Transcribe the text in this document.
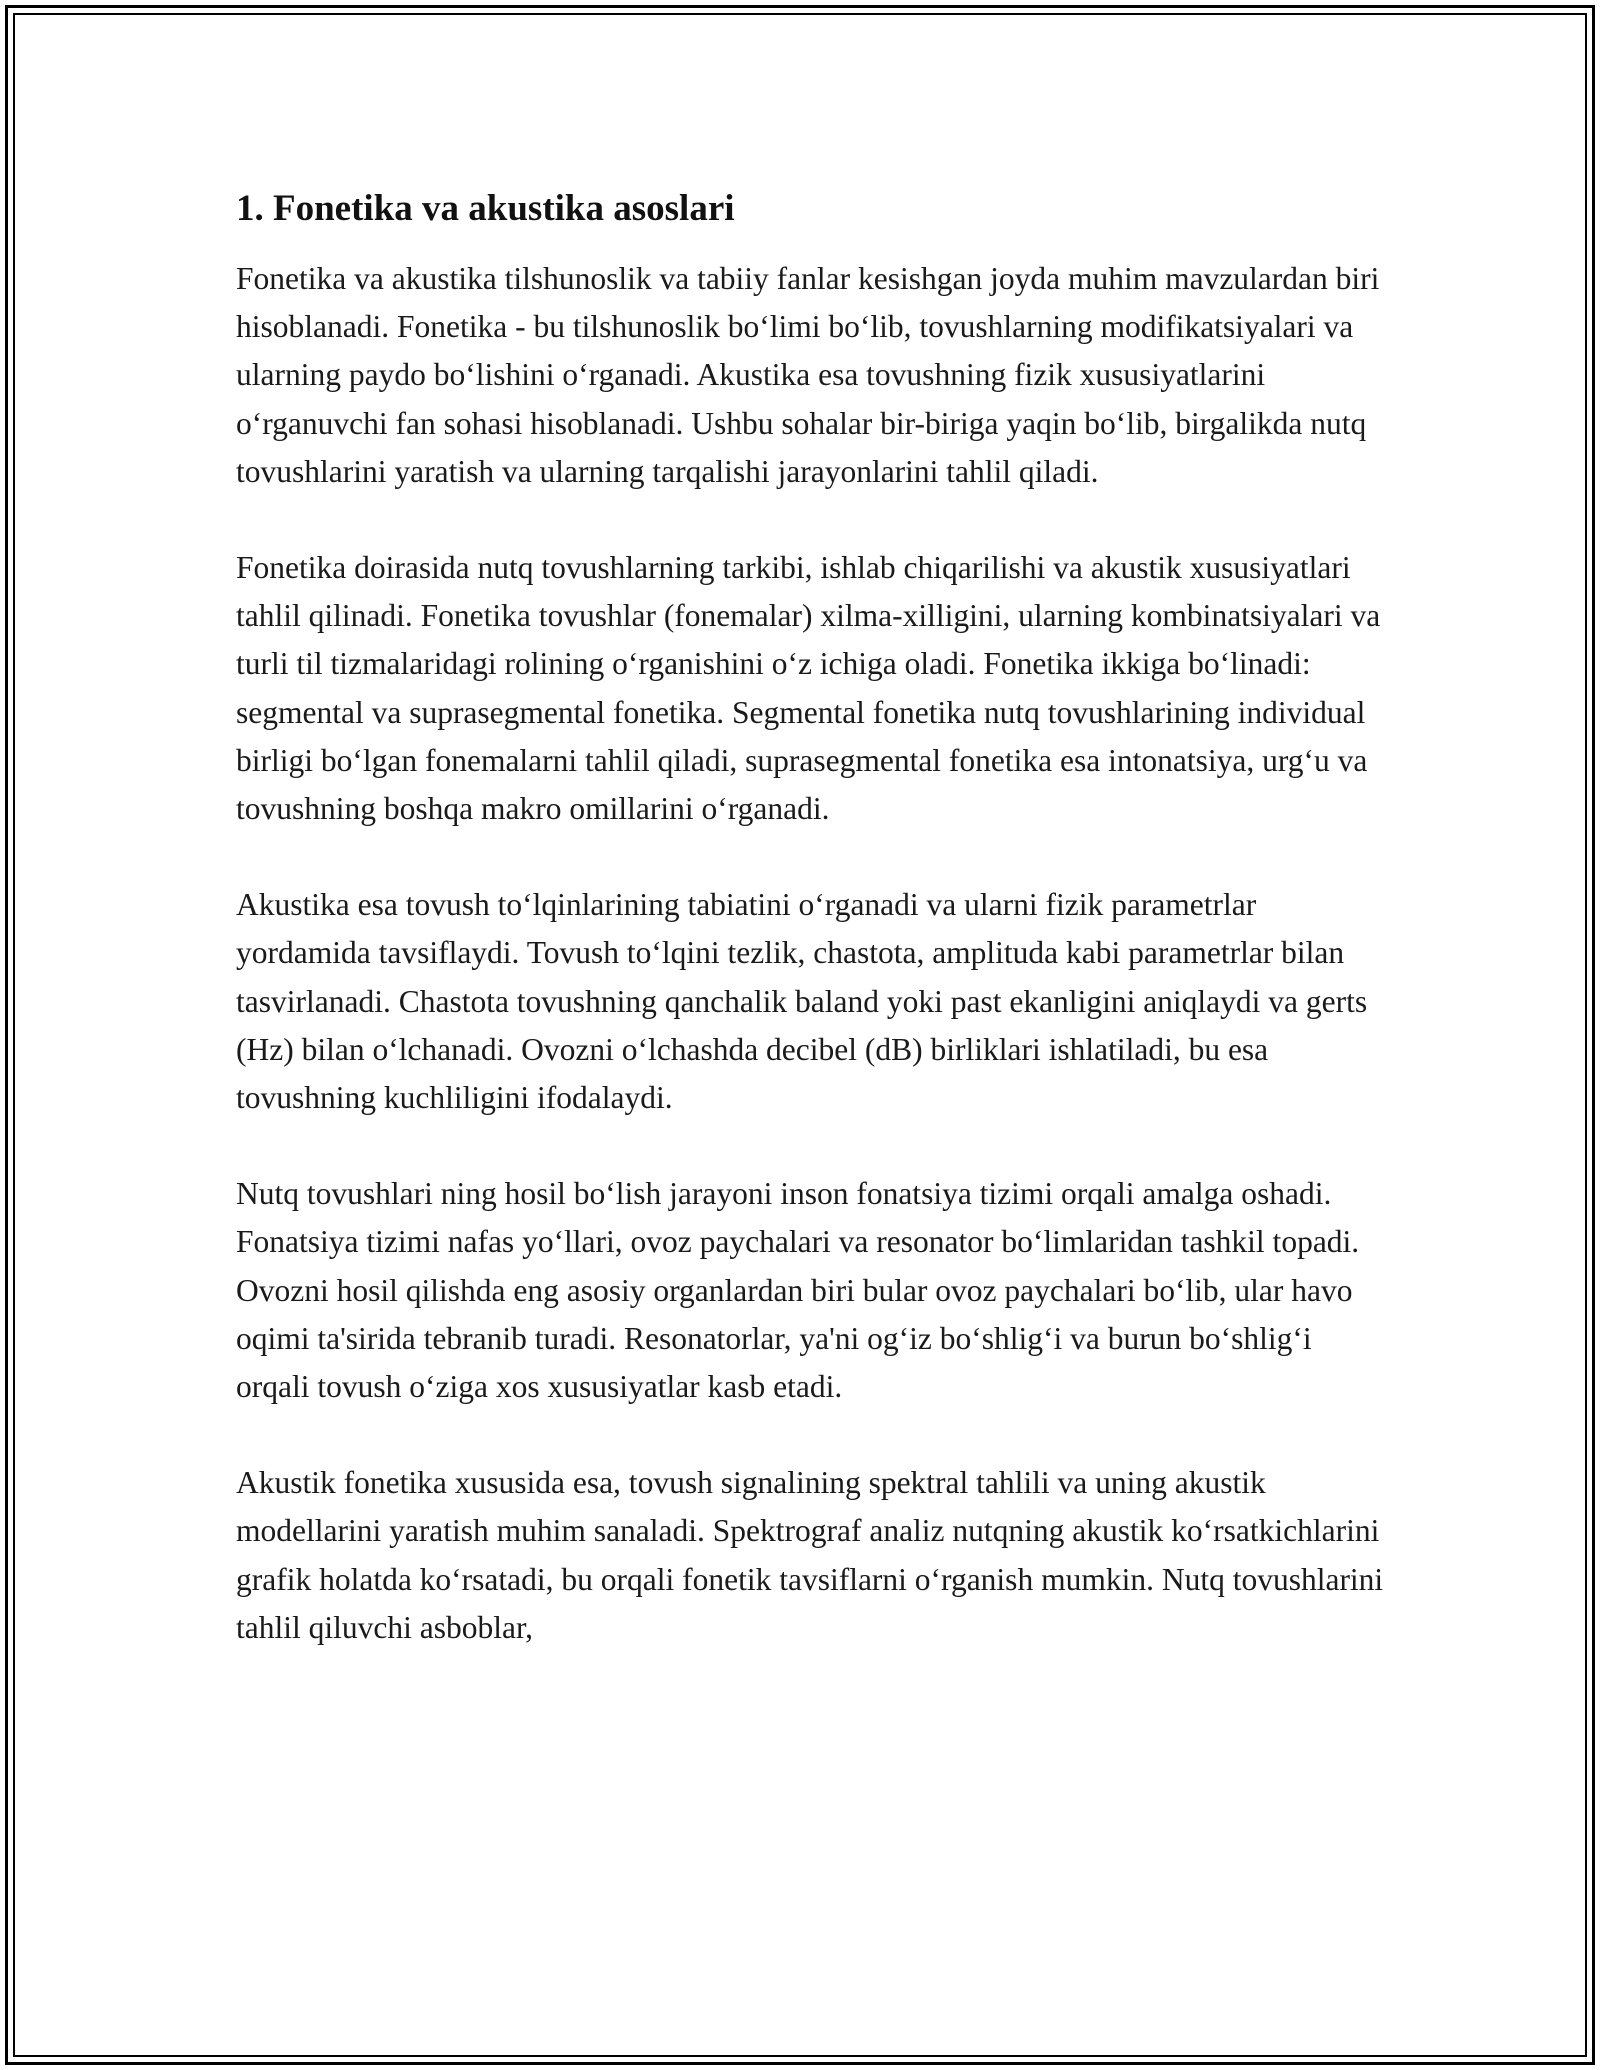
1. Fonetika va akustika asoslari

Fonetika va akustika tilshunoslik va tabiiy fanlar kesishgan joyda muhim mavzulardan biri hisoblanadi. Fonetika - bu tilshunoslik boʻlimi boʻlib, tovushlarning modifikatsiyalari va ularning paydo boʻlishini oʻrganadi. Akustika esa tovushning fizik xususiyatlarini oʻrganuvchi fan sohasi hisoblanadi. Ushbu sohalar bir-biriga yaqin boʻlib, birgalikda nutq tovushlarini yaratish va ularning tarqalishi jarayonlarini tahlil qiladi.

Fonetika doirasida nutq tovushlarning tarkibi, ishlab chiqarilishi va akustik xususiyatlari tahlil qilinadi. Fonetika tovushlar (fonemalar) xilma-xilligini, ularning kombinatsiyalari va turli til tizmalaridagi rolining oʻrganishini oʻz ichiga oladi. Fonetika ikkiga boʻlinadi: segmental va suprasegmental fonetika. Segmental fonetika nutq tovushlarining individual birligi boʻlgan fonemalarni tahlil qiladi, suprasegmental fonetika esa intonatsiya, urgʻu va tovushning boshqa makro omillarini oʻrganadi.

Akustika esa tovush toʻlqinlarining tabiatini oʻrganadi va ularni fizik parametrlar yordamida tavsiflaydi. Tovush toʻlqini tezlik, chastota, amplituda kabi parametrlar bilan tasvirlanadi. Chastota tovushning qanchalik baland yoki past ekanligini aniqlaydi va gerts (Hz) bilan oʻlchanadi. Ovozni oʻlchashda decibel (dB) birliklari ishlatiladi, bu esa tovushning kuchliligini ifodalaydi.

Nutq tovushlari ning hosil boʻlish jarayoni inson fonatsiya tizimi orqali amalga oshadi. Fonatsiya tizimi nafas yoʻllari, ovoz paychalari va resonator boʻlimlaridan tashkil topadi. Ovozni hosil qilishda eng asosiy organlardan biri bular ovoz paychalari boʻlib, ular havo oqimi ta'sirida tebranib turadi. Resonatorlar, ya'ni ogʻiz boʻshligʻi va burun boʻshligʻi orqali tovush oʻziga xos xususiyatlar kasb etadi.

Akustik fonetika xususida esa, tovush signalining spektral tahlili va uning akustik modellarini yaratish muhim sanaladi. Spektrograf analiz nutqning akustik koʻrsatkichlarini grafik holatda koʻrsatadi, bu orqali fonetik tavsiflarni oʻrganish mumkin. Nutq tovushlarini tahlil qiluvchi asboblar,
